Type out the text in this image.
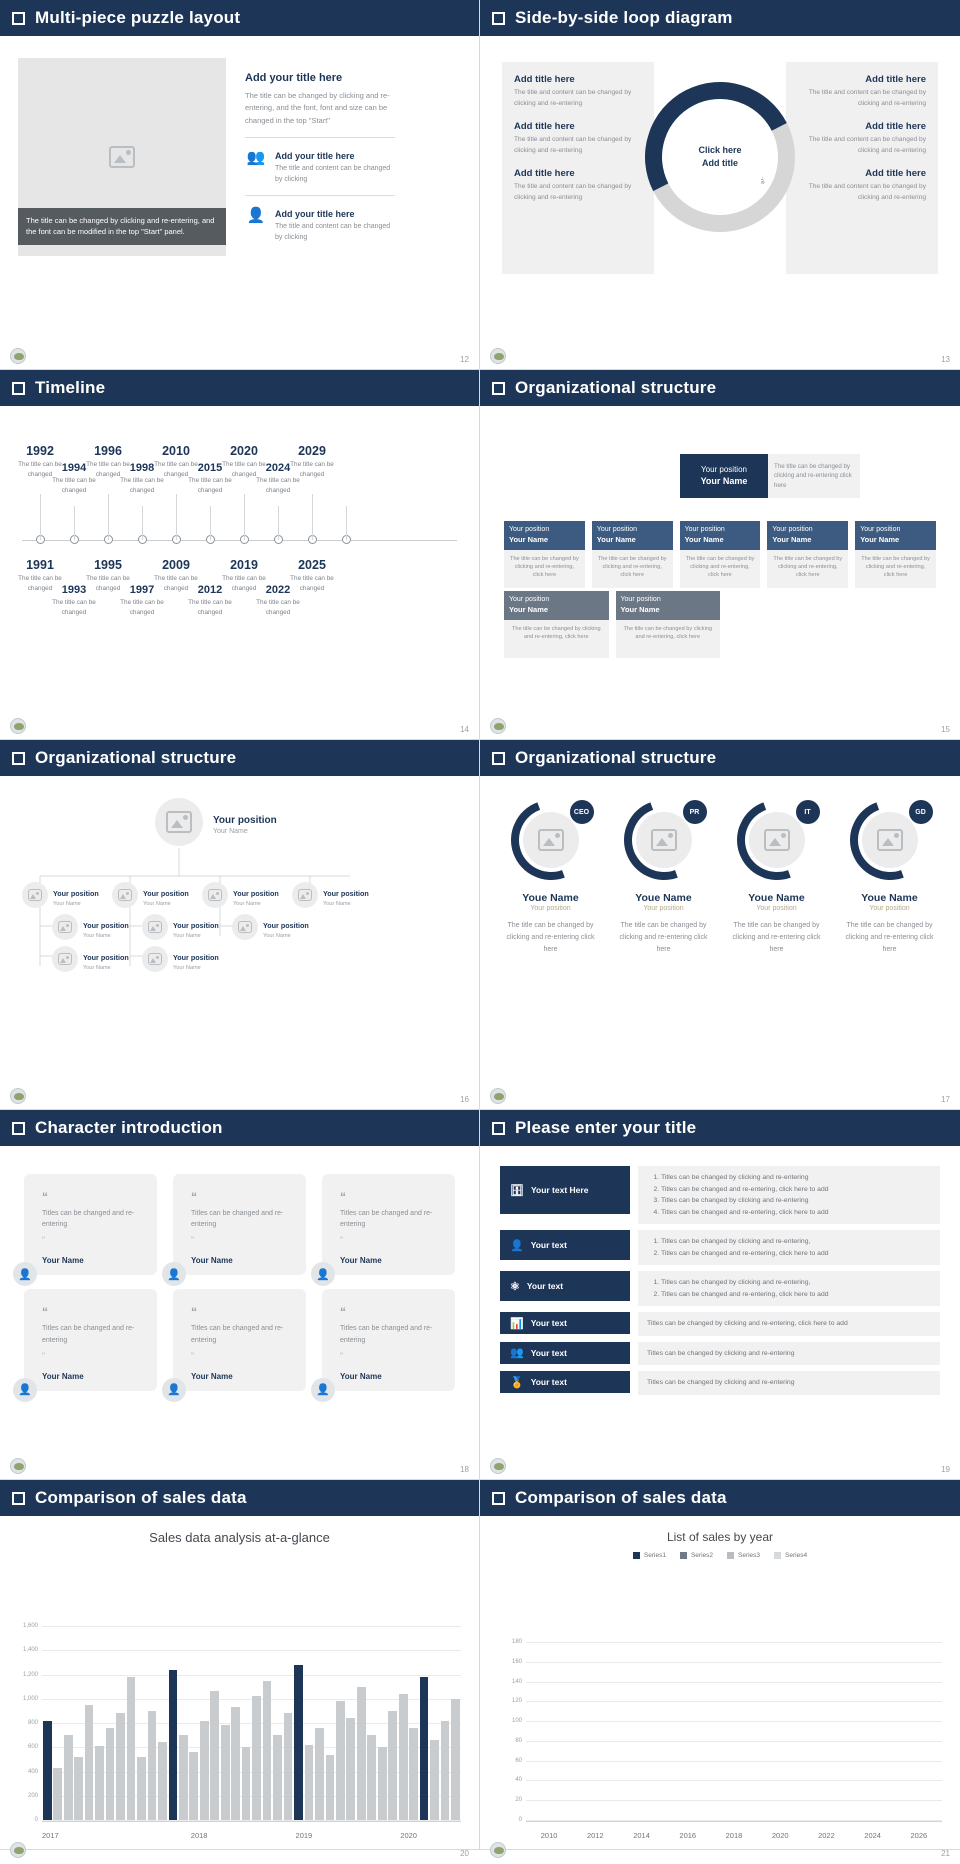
Multi-piece puzzle layout
The title can be changed by clicking and re-entering, and the font can be modified in the top "Start" panel.
Add your title here
The title can be changed by clicking and re-entering, and the font, font and size can be changed in the top "Start"
👥 Add your title here
The title and content can be changed by clicking
👤 Add your title here
The title and content can be changed by clicking
12
Side-by-side loop diagram
Add title here
The title and content can be changed by clicking and re-entering
Add title here
The title and content can be changed by clicking and re-entering
Add title here
The title and content can be changed by clicking and re-entering
Add title here
The title and content can be changed by clicking and re-entering
Add title here
The title and content can be changed by clicking and re-entering
Add title here
The title and content can be changed by clicking and re-entering
Click here
Add title
13
Timeline
1992
The title can be changed
1996
The title can be changed
2010
The title can be changed
2020
The title can be changed
2029
The title can be changed
1994
The title can be changed
1998
The title can be changed
2015
The title can be changed
2024
The title can be changed
1991
The title can be changed
1995
The title can be changed
2009
The title can be changed
2019
The title can be changed
2025
The title can be changed
1993
The title can be changed
1997
The title can be changed
2012
The title can be changed
2022
The title can be changed
14
Organizational structure
Your position
Your Name
The title can be changed by clicking and re-entering click here
Your position
Your Name
The title can be changed by clicking and re-entering, click here
Your position
Your Name
The title can be changed by clicking and re-entering, click here
Your position
Your Name
The title can be changed by clicking and re-entering, click here
Your position
Your Name
The title can be changed by clicking and re-entering, click here
Your position
Your Name
The title can be changed by clicking and re-entering, click here
Your position
Your Name
The title can be changed by clicking and re-entering, click here
Your position
Your Name
The title can be changed by clicking and re-entering, click here
15
Organizational structure
Your position
Your Name
Your position
Your Name
Your position
Your Name
Your position
Your Name
Your position
Your Name
Your position
Your Name
Your position
Your Name
Your position
Your Name
Your position
Your Name
Your position
Your Name
16
Organizational structure
CEO
Youe Name
Your position
The title can be changed by clicking and re-entering click here
PR
Youe Name
Your position
The title can be changed by clicking and re-entering click here
IT
Youe Name
Your position
The title can be changed by clicking and re-entering click here
GD
Youe Name
Your position
The title can be changed by clicking and re-entering click here
17
Character introduction
“
Titles can be changed and re-entering
”
Your Name
👤
“
Titles can be changed and re-entering
”
Your Name
👤
“
Titles can be changed and re-entering
”
Your Name
👤
“
Titles can be changed and re-entering
”
Your Name
👤
“
Titles can be changed and re-entering
”
Your Name
👤
“
Titles can be changed and re-entering
”
Your Name
👤
18
Please enter your title
🗄 Your text Here
1. Titles can be changed by clicking and re-entering
2. Titles can be changed and re-entering, click here to add
3. Titles can be changed by clicking and re-entering
4. Titles can be changed and re-entering, click here to add
👤 Your text	1. Titles can be changed by clicking and re-entering,
2. Titles can be changed and re-entering, click here to add
⚛ Your text	1. Titles can be changed by clicking and re-entering,
2. Titles can be changed and re-entering, click here to add
📊 Your text	Titles can be changed by clicking and re-entering, click here to add

👥 Your text	Titles can be changed by clicking and re-entering

🏅 Your text	Titles can be changed by clicking and re-entering

19
Comparison of sales data
Sales data analysis at-a-glance
1,600
1,400
1,200
1,000
800
600
400
200
0
2017	2018	2019	2020
20
Comparison of sales data
List of sales by year
Series1	Series2	Series3	Series4
180
160
140
120
100
80
60
40
20
0
2010	2012	2014	2016	2018	2020	2022	2024	2026
21
